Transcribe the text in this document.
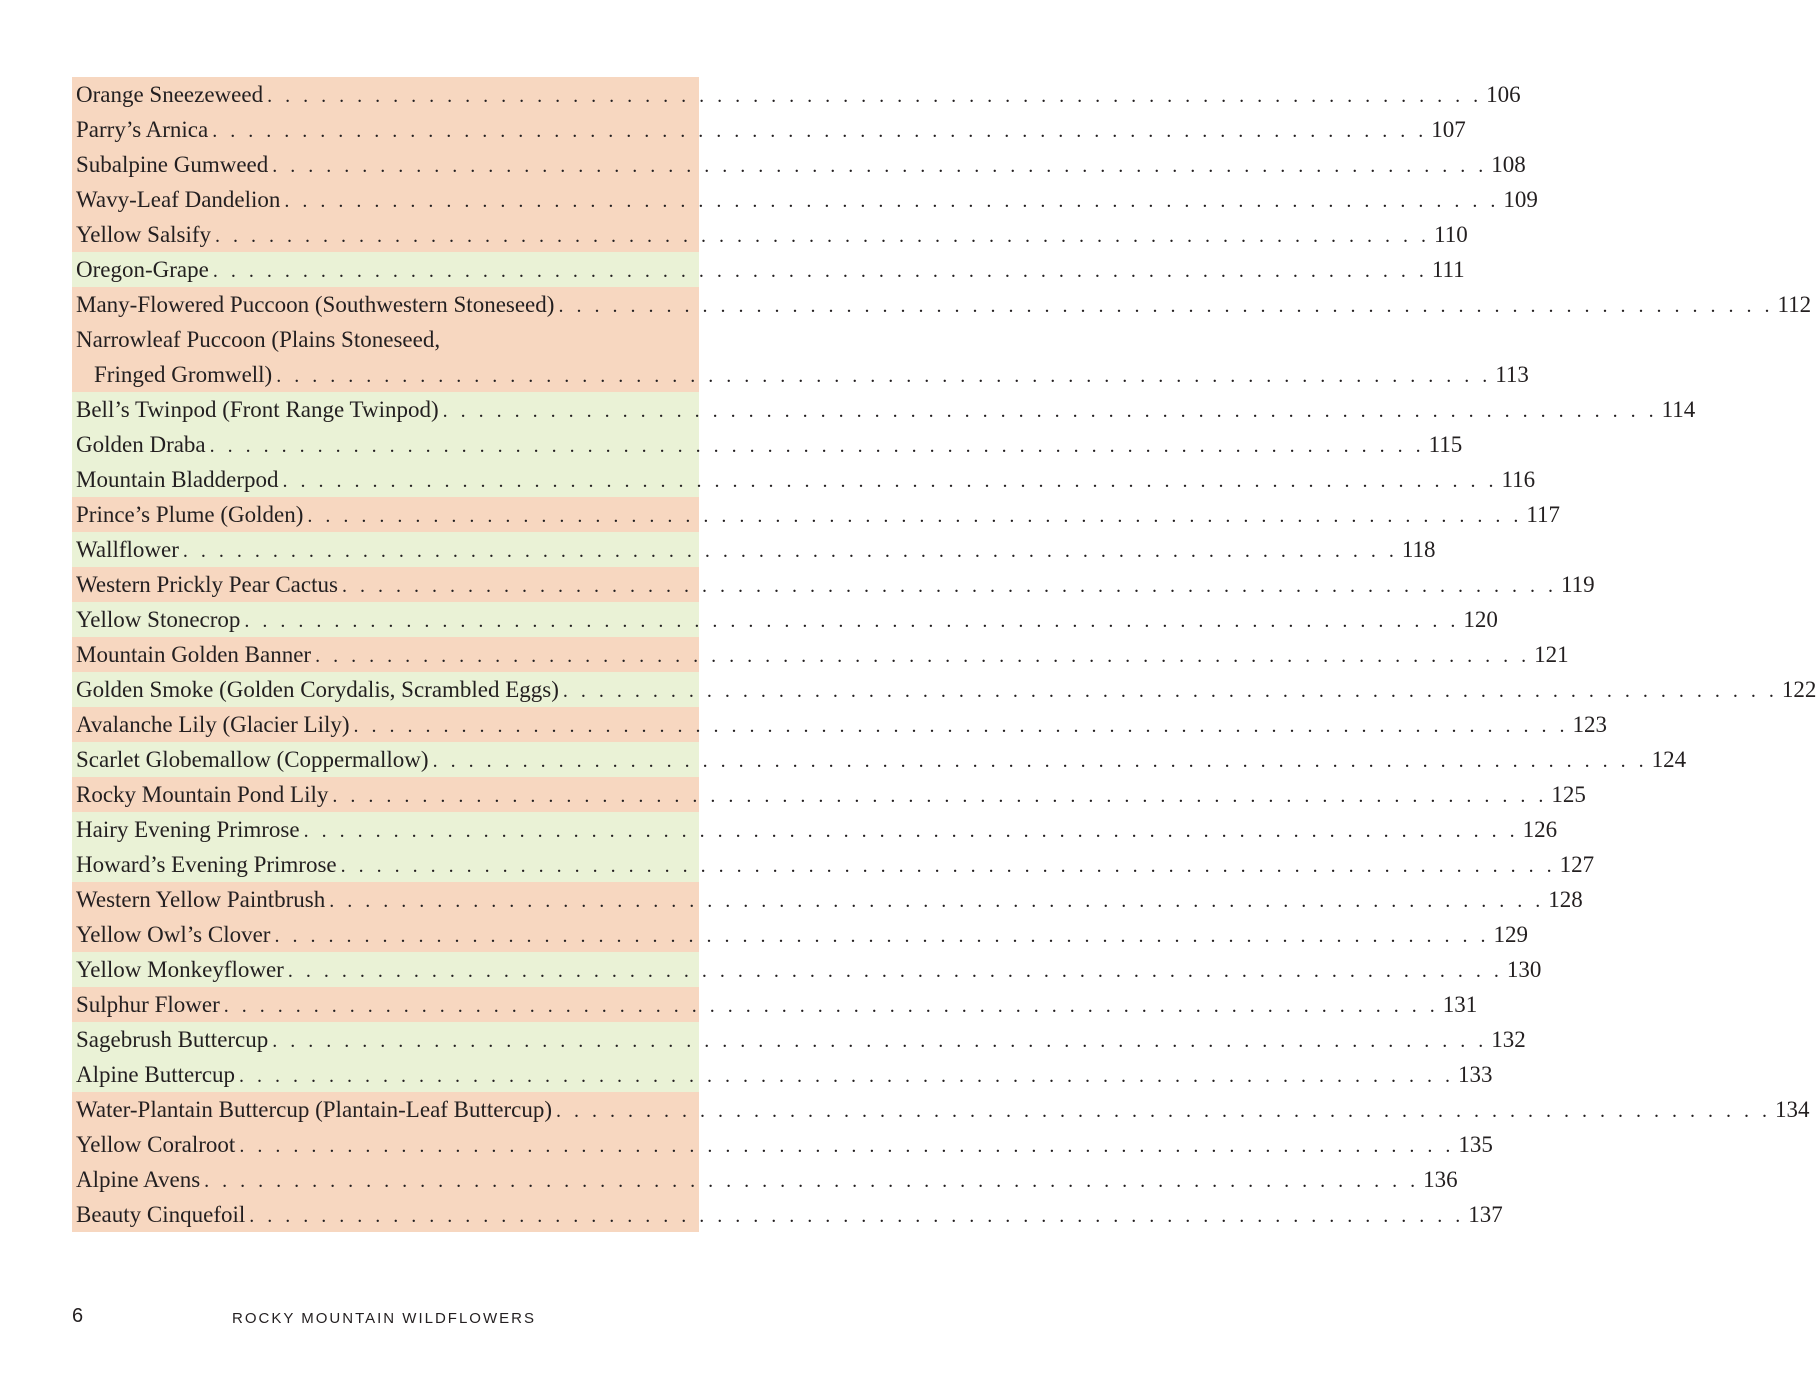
Orange Sneezeweed . . . . . . . . . . . . . . . . . . . . . . . . . . . . . . . . . . . . . . . . . . . . . . . . . . . . . . . . . . . . . . . . . . . . 106
Parry’s Arnica . . . . . . . . . . . . . . . . . . . . . . . . . . . . . . . . . . . . . . . . . . . . . . . . . . . . . . . . . . . . . . . . . . . . 107
Subalpine Gumweed . . . . . . . . . . . . . . . . . . . . . . . . . . . . . . . . . . . . . . . . . . . . . . . . . . . . . . . . . . . . . . . . . . . . 108
Wavy-Leaf Dandelion . . . . . . . . . . . . . . . . . . . . . . . . . . . . . . . . . . . . . . . . . . . . . . . . . . . . . . . . . . . . . . . . . . . . 109
Yellow Salsify . . . . . . . . . . . . . . . . . . . . . . . . . . . . . . . . . . . . . . . . . . . . . . . . . . . . . . . . . . . . . . . . . . . . 110
Oregon-Grape . . . . . . . . . . . . . . . . . . . . . . . . . . . . . . . . . . . . . . . . . . . . . . . . . . . . . . . . . . . . . . . . . . . . 111
Many-Flowered Puccoon (Southwestern Stoneseed) . . . . . . . . . . . . . . . . . . . . . . . . . . . . . . . . . . . . . . . . . . . . . . . . . . . . . . . . . . . . . . . . . . . . 112
Narrowleaf Puccoon (Plains Stoneseed,
Fringed Gromwell) . . . . . . . . . . . . . . . . . . . . . . . . . . . . . . . . . . . . . . . . . . . . . . . . . . . . . . . . . . . . . . . . . . . . 113
Bell’s Twinpod (Front Range Twinpod) . . . . . . . . . . . . . . . . . . . . . . . . . . . . . . . . . . . . . . . . . . . . . . . . . . . . . . . . . . . . . . . . . . . . 114
Golden Draba . . . . . . . . . . . . . . . . . . . . . . . . . . . . . . . . . . . . . . . . . . . . . . . . . . . . . . . . . . . . . . . . . . . . 115
Mountain Bladderpod . . . . . . . . . . . . . . . . . . . . . . . . . . . . . . . . . . . . . . . . . . . . . . . . . . . . . . . . . . . . . . . . . . . . 116
Prince’s Plume (Golden) . . . . . . . . . . . . . . . . . . . . . . . . . . . . . . . . . . . . . . . . . . . . . . . . . . . . . . . . . . . . . . . . . . . . 117
Wallflower . . . . . . . . . . . . . . . . . . . . . . . . . . . . . . . . . . . . . . . . . . . . . . . . . . . . . . . . . . . . . . . . . . . . 118
Western Prickly Pear Cactus . . . . . . . . . . . . . . . . . . . . . . . . . . . . . . . . . . . . . . . . . . . . . . . . . . . . . . . . . . . . . . . . . . . . 119
Yellow Stonecrop . . . . . . . . . . . . . . . . . . . . . . . . . . . . . . . . . . . . . . . . . . . . . . . . . . . . . . . . . . . . . . . . . . . . 120
Mountain Golden Banner . . . . . . . . . . . . . . . . . . . . . . . . . . . . . . . . . . . . . . . . . . . . . . . . . . . . . . . . . . . . . . . . . . . . 121
Golden Smoke (Golden Corydalis, Scrambled Eggs) . . . . . . . . . . . . . . . . . . . . . . . . . . . . . . . . . . . . . . . . . . . . . . . . . . . . . . . . . . . . . . . . . . . . 122
Avalanche Lily (Glacier Lily) . . . . . . . . . . . . . . . . . . . . . . . . . . . . . . . . . . . . . . . . . . . . . . . . . . . . . . . . . . . . . . . . . . . . 123
Scarlet Globemallow (Coppermallow) . . . . . . . . . . . . . . . . . . . . . . . . . . . . . . . . . . . . . . . . . . . . . . . . . . . . . . . . . . . . . . . . . . . . 124
Rocky Mountain Pond Lily . . . . . . . . . . . . . . . . . . . . . . . . . . . . . . . . . . . . . . . . . . . . . . . . . . . . . . . . . . . . . . . . . . . . 125
Hairy Evening Primrose . . . . . . . . . . . . . . . . . . . . . . . . . . . . . . . . . . . . . . . . . . . . . . . . . . . . . . . . . . . . . . . . . . . . 126
Howard’s Evening Primrose . . . . . . . . . . . . . . . . . . . . . . . . . . . . . . . . . . . . . . . . . . . . . . . . . . . . . . . . . . . . . . . . . . . . 127
Western Yellow Paintbrush . . . . . . . . . . . . . . . . . . . . . . . . . . . . . . . . . . . . . . . . . . . . . . . . . . . . . . . . . . . . . . . . . . . . 128
Yellow Owl’s Clover . . . . . . . . . . . . . . . . . . . . . . . . . . . . . . . . . . . . . . . . . . . . . . . . . . . . . . . . . . . . . . . . . . . . 129
Yellow Monkeyflower . . . . . . . . . . . . . . . . . . . . . . . . . . . . . . . . . . . . . . . . . . . . . . . . . . . . . . . . . . . . . . . . . . . . 130
Sulphur Flower . . . . . . . . . . . . . . . . . . . . . . . . . . . . . . . . . . . . . . . . . . . . . . . . . . . . . . . . . . . . . . . . . . . . 131
Sagebrush Buttercup . . . . . . . . . . . . . . . . . . . . . . . . . . . . . . . . . . . . . . . . . . . . . . . . . . . . . . . . . . . . . . . . . . . . 132
Alpine Buttercup . . . . . . . . . . . . . . . . . . . . . . . . . . . . . . . . . . . . . . . . . . . . . . . . . . . . . . . . . . . . . . . . . . . . 133
Water-Plantain Buttercup (Plantain-Leaf Buttercup) . . . . . . . . . . . . . . . . . . . . . . . . . . . . . . . . . . . . . . . . . . . . . . . . . . . . . . . . . . . . . . . . . . . . 134
Yellow Coralroot . . . . . . . . . . . . . . . . . . . . . . . . . . . . . . . . . . . . . . . . . . . . . . . . . . . . . . . . . . . . . . . . . . . . 135
Alpine Avens . . . . . . . . . . . . . . . . . . . . . . . . . . . . . . . . . . . . . . . . . . . . . . . . . . . . . . . . . . . . . . . . . . . . 136
Beauty Cinquefoil . . . . . . . . . . . . . . . . . . . . . . . . . . . . . . . . . . . . . . . . . . . . . . . . . . . . . . . . . . . . . . . . . . . . 137
6	ROCKY MOUNTAIN WILDFLOWERS
